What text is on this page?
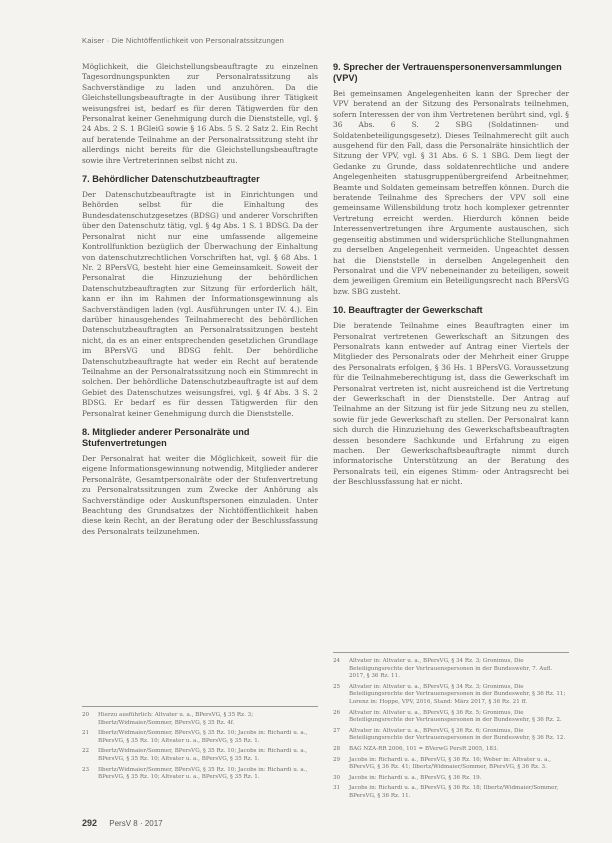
Kaiser · Die Nichtöffentlichkeit von Personalratssitzungen

Möglichkeit, die Gleichstellungsbeauftragte zu einzelnen Tagesordnungspunkten zur Personalratssitzung als Sachverständige zu laden und anzuhören. Da die Gleichstellungsbeauftragte in der Ausübung ihrer Tätigkeit weisungsfrei ist, bedarf es für deren Tätigwerden für den Personalrat keiner Genehmigung durch die Dienststelle, vgl. § 24 Abs. 2 S. 1 BGleiG sowie § 16 Abs. 5 S. 2 Satz 2. Ein Recht auf beratende Teilnahme an der Personalratssitzung steht ihr allerdings nicht bereits für die Gleichstellungsbeauftragte sowie ihre Vertreterinnen selbst nicht zu.

7. Behördlicher Datenschutzbeauftragter

Der Datenschutzbeauftragte ist in Einrichtungen und Behörden selbst für die Einhaltung des Bundesdatenschutzgesetzes (BDSG) und anderer Vorschriften über den Datenschutz tätig, vgl. § 4g Abs. 1 S. 1 BDSG. Da der Personalrat nicht nur eine umfassende allgemeine Kontrollfunktion bezüglich der Überwachung der Einhaltung von datenschutzrechtlichen Vorschriften hat, vgl. § 68 Abs. 1 Nr. 2 BPersVG, besteht hier eine Gemeinsamkeit. Soweit der Personalrat die Hinzuziehung der behördlichen Datenschutzbeauftragten zur Sitzung für erforderlich hält, kann er ihn im Rahmen der Informationsgewinnung als Sachverständigen laden (vgl. Ausführungen unter IV. 4.). Ein darüber hinausgehendes Teilnahmerecht des behördlichen Datenschutzbeauftragten an Personalratssitzungen besteht nicht, da es an einer entsprechenden gesetzlichen Grundlage im BPersVG und BDSG fehlt. Der behördliche Datenschutzbeauftragte hat weder ein Recht auf beratende Teilnahme an der Personalratssitzung noch ein Stimmrecht in solchen. Der behördliche Datenschutzbeauftragte ist auf dem Gebiet des Datenschutzes weisungsfrei, vgl. § 4f Abs. 3 S. 2 BDSG. Er bedarf es für dessen Tätigwerden für den Personalrat keiner Genehmigung durch die Dienststelle.

8. Mitglieder anderer Personalräte und Stufenvertretungen

Der Personalrat hat weiter die Möglichkeit, soweit für die eigene Informationsgewinnung notwendig, Mitglieder anderer Personalräte, Gesamtpersonalräte oder der Stufenvertretung zu Personalratssitzungen zum Zwecke der Anhörung als Sachverständige oder Auskunftspersonen einzuladen. Unter Beachtung des Grundsatzes der Nichtöffentlichkeit haben diese kein Recht, an der Beratung oder der Beschlussfassung des Personalrats teilzunehmen.

9. Sprecher der Vertrauenspersonenversammlungen (VPV)

Bei gemeinsamen Angelegenheiten kann der Sprecher der VPV beratend an der Sitzung des Personalrats teilnehmen, sofern Interessen der von ihm Vertretenen berührt sind, vgl. § 36 Abs. 6 S. 2 SBG (Soldatinnen- und Soldatenbeteiligungsgesetz). Dieses Teilnahmerecht gilt auch ausgehend für den Fall, dass die Personalräte hinsichtlich der Sitzung der VPV, vgl. § 31 Abs. 6 S. 1 SBG. Dem liegt der Gedanke zu Grunde, dass soldatenrechtliche und andere Angelegenheiten statusgruppenübergreifend Arbeitnehmer, Beamte und Soldaten gemeinsam betreffen können. Durch die beratende Teilnahme des Sprechers der VPV soll eine gemeinsame Willensbildung trotz hoch komplexer getrennter Vertretung erreicht werden. Hierdurch können beide Interessenvertretungen ihre Argumente austauschen, sich gegenseitig abstimmen und widersprüchliche Stellungnahmen zu derselben Angelegenheit vermeiden. Ungeachtet dessen hat die Dienststelle in derselben Angelegenheit den Personalrat und die VPV nebeneinander zu beteiligen, soweit dem jeweiligen Gremium ein Beteiligungsrecht nach BPersVG bzw. SBG zusteht.

10. Beauftragter der Gewerkschaft

Die beratende Teilnahme eines Beauftragten einer im Personalrat vertretenen Gewerkschaft an Sitzungen des Personalrats kann entweder auf Antrag einer Viertels der Mitglieder des Personalrats oder der Mehrheit einer Gruppe des Personalrats erfolgen, § 36 Hs. 1 BPersVG. Voraussetzung für die Teilnahmeberechtigung ist, dass die Gewerkschaft im Personalrat vertreten ist, nicht ausreichend ist die Vertretung der Gewerkschaft in der Dienststelle. Der Antrag auf Teilnahme an der Sitzung ist für jede Sitzung neu zu stellen, sowie für jede Gewerkschaft zu stellen. Der Personalrat kann sich durch die Hinzuziehung des Gewerkschaftsbeauftragten dessen besondere Sachkunde und Erfahrung zu eigen machen. Der Gewerkschaftsbeauftragte nimmt durch informatorische Unterstützung an der Beratung des Personalrats teil, ein eigenes Stimm- oder Antragsrecht bei der Beschlussfassung hat er nicht.

20	Hierzu ausführlich: Altvater u. a., BPersVG, § 35 Rz. 3; Ilbertz/Widmaier/Sommer, BPersVG, § 35 Rz. 4f.
21	Ilbertz/Widmaier/Sommer, BPersVG, § 35 Rz. 10; Jacobs in: Richardi u. a., BPersVG, § 35 Rz. 10; Altvater u. a., BPersVG, § 35 Rz. 1.
22	Ilbertz/Widmaier/Sommer, BPersVG, § 35 Rz. 10; Jacobs in: Richardi u. a., BPersVG, § 35 Rz. 10; Altvater u. a., BPersVG, § 35 Rz. 1.
23	Ilbertz/Widmaier/Sommer, BPersVG, § 35 Rz. 10; Jacobs in: Richardi u. a., BPersVG, § 35 Rz. 10; Altvater u. a., BPersVG, § 35 Rz. 1.
24	Altvater in: Altvater u. a., BPersVG, § 34 Rz. 3; Gronimus, Die Beteiligungsrechte der Vertrauenspersonen in der Bundeswehr, 7. Aufl. 2017, § 36 Rz. 11.
25	Altvater in: Altvater u. a., BPersVG, § 34 Rz. 3; Gronimus, Die Beteiligungsrechte der Vertrauenspersonen in der Bundeswehr, § 36 Rz. 11; Lorenz in: Hoppe, VPV, 2016, Stand: März 2017, § 36 Rz. 21 ff.
26	Altvater in: Altvater u. a., BPersVG, § 36 Rz. 5; Gronimus, Die Beteiligungsrechte der Vertrauenspersonen in der Bundeswehr, § 36 Rz. 2.
27	Altvater in: Altvater u. a., BPersVG, § 36 Rz. 6; Gronimus, Die Beteiligungsrechte der Vertrauenspersonen in der Bundeswehr, § 36 Rz. 12.
28	BAG NZA-RR 2006, 101 = BVerwG PersR 2005, 183.
29	Jacobs in: Richardi u. a., BPersVG, § 36 Rz. 16; Weber in: Altvater u. a., BPersVG, § 36 Rz. 41; Ilbertz/Widmaier/Sommer, BPersVG, § 36 Rz. 3.
30	Jacobs in: Richardi u. a., BPersVG, § 36 Rz. 19.
31	Jacobs in: Richardi u. a., BPersVG, § 36 Rz. 18; Ilbertz/Widmaier/Sommer, BPersVG, § 36 Rz. 11.
292 PersV 8 · 2017
